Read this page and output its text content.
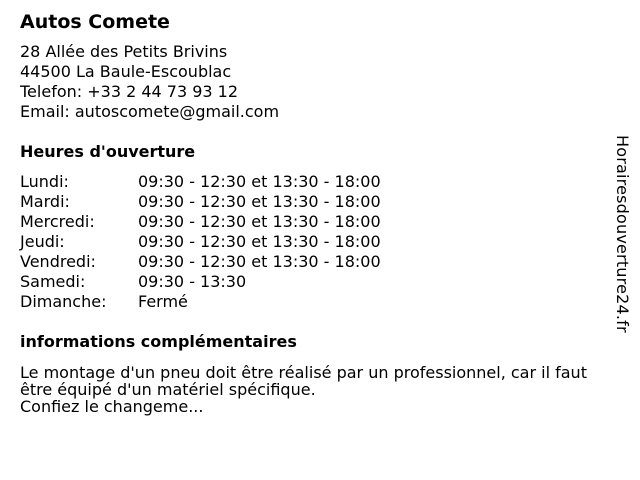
Autos Comete
28 Allée des Petits Brivins
44500 La Baule-Escoublac
Telefon: +33 2 44 73 93 12
Email: autoscomete@gmail.com
Heures d'ouverture
Lundi:	09:30 - 12:30 et 13:30 - 18:00
Mardi:	09:30 - 12:30 et 13:30 - 18:00
Mercredi:	09:30 - 12:30 et 13:30 - 18:00
Jeudi:	09:30 - 12:30 et 13:30 - 18:00
Vendredi:	09:30 - 12:30 et 13:30 - 18:00
Samedi:	09:30 - 13:30
Dimanche:	Fermé
informations complémentaires
Le montage d'un pneu doit être réalisé par un professionnel, car il faut être équipé d'un matériel spécifique.
Confiez le changeme...
Horairesdouverture24.fr
